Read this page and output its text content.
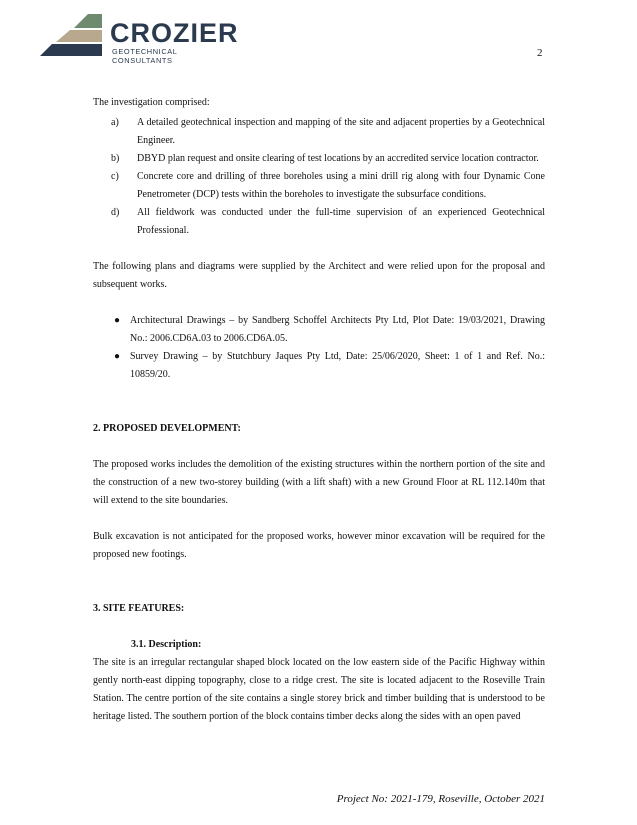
CROZIER
GEOTECHNICAL CONSULTANTS
2

The investigation comprised:

a) A detailed geotechnical inspection and mapping of the site and adjacent properties by a Geotechnical Engineer.
b) DBYD plan request and onsite clearing of test locations by an accredited service location contractor.
c) Concrete core and drilling of three boreholes using a mini drill rig along with four Dynamic Cone Penetrometer (DCP) tests within the boreholes to investigate the subsurface conditions.
d) All fieldwork was conducted under the full-time supervision of an experienced Geotechnical Professional.

The following plans and diagrams were supplied by the Architect and were relied upon for the proposal and subsequent works.

● Architectural Drawings – by Sandberg Schoffel Architects Pty Ltd, Plot Date: 19/03/2021, Drawing No.: 2006.CD6A.03 to 2006.CD6A.05.
● Survey Drawing – by Stutchbury Jaques Pty Ltd, Date: 25/06/2020, Sheet: 1 of 1 and Ref. No.: 10859/20.
2. PROPOSED DEVELOPMENT:

The proposed works includes the demolition of the existing structures within the northern portion of the site and the construction of a new two-storey building (with a lift shaft) with a new Ground Floor at RL 112.140m that will extend to the site boundaries.

Bulk excavation is not anticipated for the proposed works, however minor excavation will be required for the proposed new footings.

3. SITE FEATURES:
3.1. Description:

The site is an irregular rectangular shaped block located on the low eastern side of the Pacific Highway within gently north-east dipping topography, close to a ridge crest. The site is located adjacent to the Roseville Train Station. The centre portion of the site contains a single storey brick and timber building that is understood to be heritage listed. The southern portion of the block contains timber decks along the sides with an open paved

Project No: 2021-179, Roseville, October 2021
